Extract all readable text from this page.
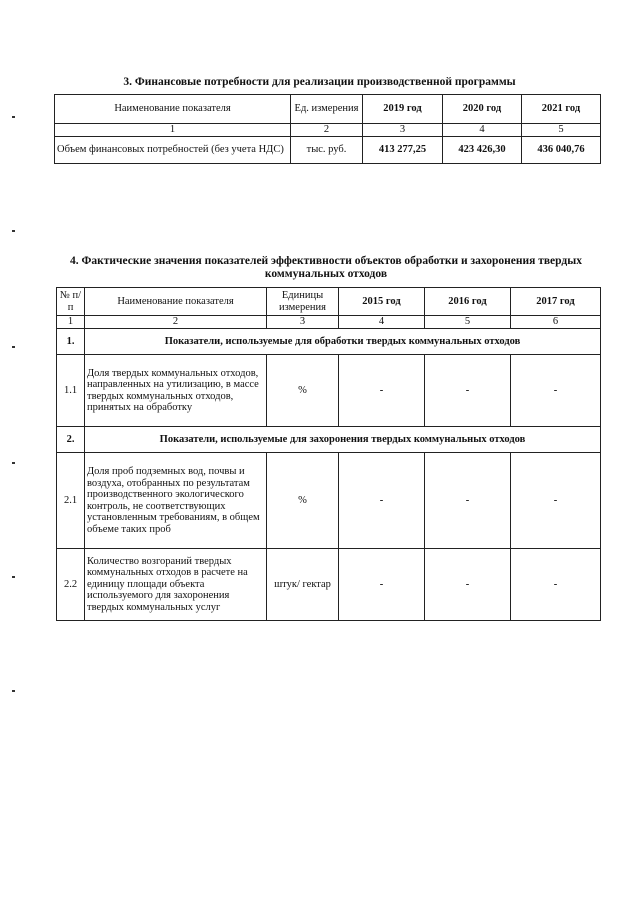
3. Финансовые потребности для реализации производственной программы
Наименование показателя	Ед. измерения	2019 год	2020 год	2021 год
1	2	3	4	5
Объем финансовых потребностей (без учета НДС)	тыс. руб.	413 277,25	423 426,30	436 040,76
4. Фактические значения показателей эффективности объектов обработки и захоронения твердых коммунальных отходов
№ п/п	Наименование показателя	Единицы измерения	2015 год	2016 год	2017 год
1	2	3	4	5	6
1.	Показатели, используемые для обработки твердых коммунальных отходов				
1.1	Доля твердых коммунальных отходов, направленных на утилизацию, в массе твердых коммунальных отходов, принятых на обработку	%	-	-	-
2.	Показатели, используемые для захоронения твердых коммунальных отходов				
2.1	Доля проб подземных вод, почвы и воздуха, отобранных по результатам производственного экологического контроль, не соответствующих установленным требованиям, в общем объеме таких проб	%	-	-	-
2.2	Количество возгораний твердых коммунальных отходов в расчете на единицу площади объекта используемого для захоронения твердых коммунальных услуг	штук/ гектар	-	-	-
